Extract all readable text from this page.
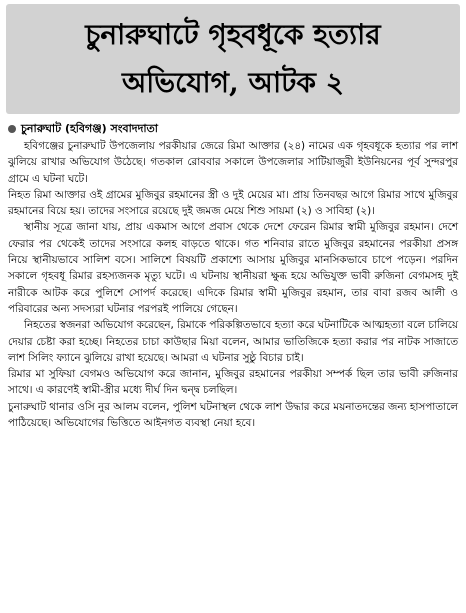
চুনারুঘাটে গৃহবধূকে হত্যার
অভিযোগ, আটক ২
চুনারুঘাট (হবিগঞ্জ) সংবাদদাতা

হবিগঞ্জের চুনারুঘাট উপজেলায় পরকীয়ার জেরে রিমা আক্তার (২৪) নামের এক গৃহবধূকে হত্যার পর লাশ ঝুলিয়ে রাখার অভিযোগ উঠেছে। গতকাল রোববার সকালে উপজেলার সাটিয়াজুরী ইউনিয়নের পূর্ব সুন্দরপুর গ্রামে এ ঘটনা ঘটে।

নিহত রিমা আক্তার ওই গ্রামের মুজিবুর রহমানের স্ত্রী ও দুই মেয়ের মা। প্রায় তিনবছর আগে রিমার সাথে মুজিবুর রহমানের বিয়ে হয়। তাদের সংসারে রয়েছে দুই জমজ মেয়ে শিশু সায়মা (২) ও সাবিহা (২)।

স্থানীয় সূত্রে জানা যায়, প্রায় একমাস আগে প্রবাস থেকে দেশে ফেরেন রিমার স্বামী মুজিবুর রহমান। দেশে ফেরার পর থেকেই তাদের সংসারে কলহ বাড়তে থাকে। গত শনিবার রাতে মুজিবুর রহমানের পরকীয়া প্রসঙ্গ নিয়ে স্থানীয়ভাবে সালিশ বসে। সালিশে বিষয়টি প্রকাশ্যে আসায় মুজিবুর মানসিকভাবে চাপে পড়েন। পরদিন সকালে গৃহবধূ রিমার রহস্যজনক মৃত্যু ঘটে। এ ঘটনায় স্থানীয়রা ক্ষুব্ধ হয়ে অভিযুক্ত ভাবী রুজিনা বেগমসহ দুই নারীকে আটক করে পুলিশে সোপর্দ করেছে। এদিকে রিমার স্বামী মুজিবুর রহমান, তার বাবা রজব আলী ও পরিবারের অন্য সদস্যরা ঘটনার পরপরই পালিয়ে গেছেন।

নিহতের স্বজনরা অভিযোগ করেছেন, রিমাকে পরিকল্পিতভাবে হত্যা করে ঘটনাটিকে আত্মহত্যা বলে চালিয়ে দেয়ার চেষ্টা করা হচ্ছে। নিহতের চাচা কাউছার মিয়া বলেন, আমার ভাতিজিকে হত্যা করার পর নাটক সাজাতে লাশ সিলিং ফ্যানে ঝুলিয়ে রাখা হয়েছে। আমরা এ ঘটনার সুষ্ঠু বিচার চাই।

রিমার মা সুফিয়া বেগমও অভিযোগ করে জানান, মুজিবুর রহমানের পরকীয়া সম্পর্ক ছিল তার ভাবী রুজিনার সাথে। এ কারণেই স্বামী-স্ত্রীর মধ্যে দীর্ঘ দিন দ্বন্দ্ব চলছিল।

চুনারুঘাট থানার ওসি নুর আলম বলেন, পুলিশ ঘটনাস্থল থেকে লাশ উদ্ধার করে ময়নাতদন্তের জন্য হাসপাতালে পাঠিয়েছে। অভিযোগের ভিত্তিতে আইনগত ব্যবস্থা নেয়া হবে।
